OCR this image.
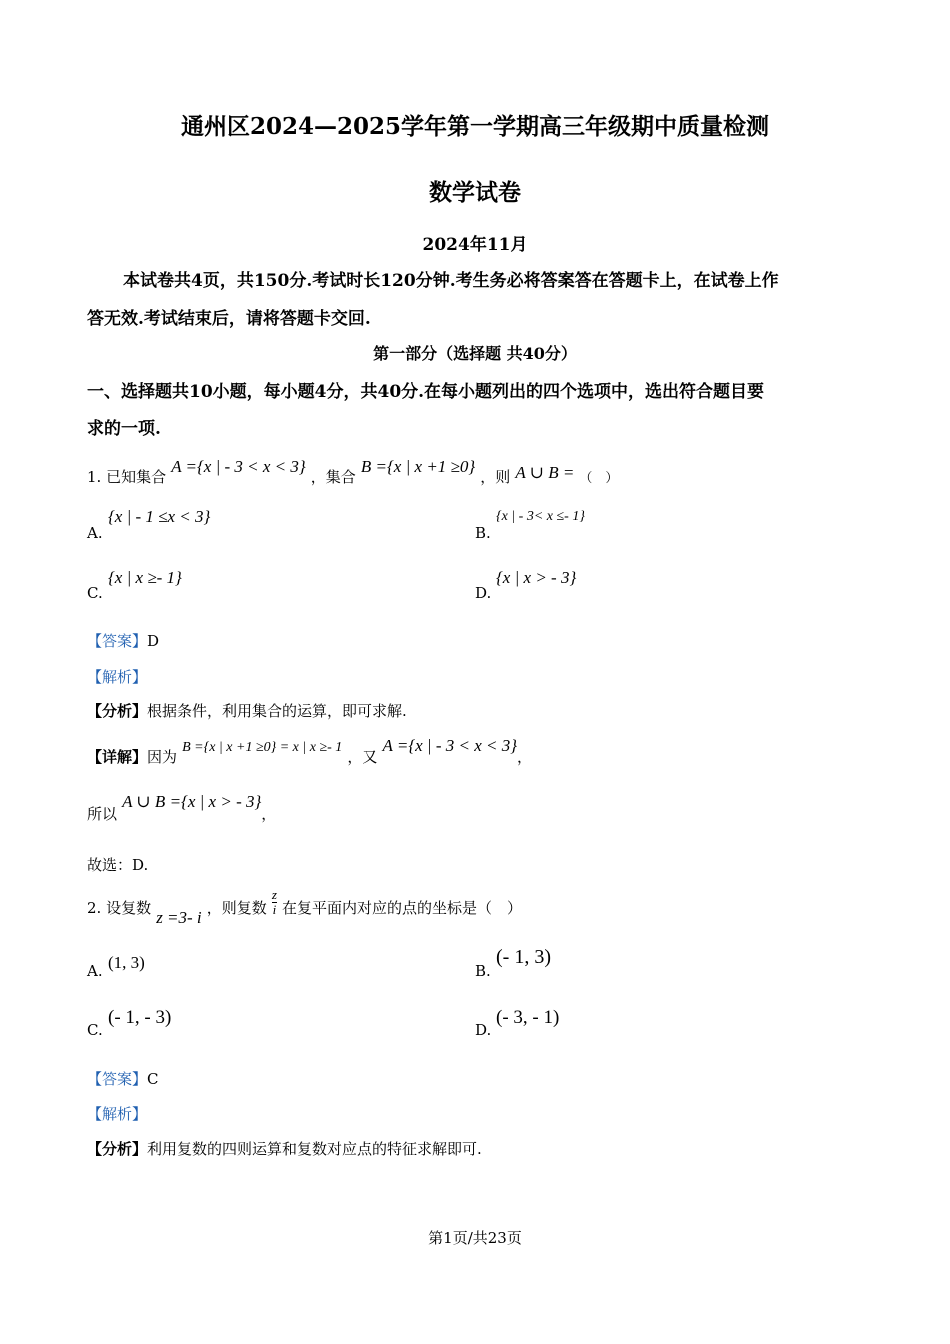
通州区2024—2025学年第一学期高三年级期中质量检测
数学试卷
2024年11月
本试卷共4页，共150分.考试时长120分钟.考生务必将答案答在答题卡上，在试卷上作
答无效.考试结束后，请将答题卡交回.
第一部分（选择题 共40分）
一、选择题共10小题，每小题4分，共40分.在每小题列出的四个选项中，选出符合题目要
求的一项.
1. 已知集合 A ={x | - 3 < x < 3} ，集合 B ={x | x +1 ≥0} ，则 A ∪ B = $_{( )}$
A.
{x | - 1 ≤x < 3}
B.
{x | - 3< x ≤- 1}
C.
{x | x ≥- 1}
D.
{x | x > - 3}
【答案】D
【解析】
【分析】根据条件，利用集合的运算，即可求解.
【详解】因为 B ={x | x +1 ≥0} = x | x ≥- 1 ，又 A ={x | - 3 < x < 3}，
所以 A ∪ B ={x | x > - 3}，
故选：D.
2. 设复数 z =3- i ，则复数 $\frac{z}{i}$ 在复平面内对应的点的坐标是（　）
A. (1, 3)	B.
(- 1, 3)
C.
(- 1, - 3)
D.
(- 3, - 1)
【答案】C
【解析】
【分析】利用复数的四则运算和复数对应点的特征求解即可.
第1页/共23页
